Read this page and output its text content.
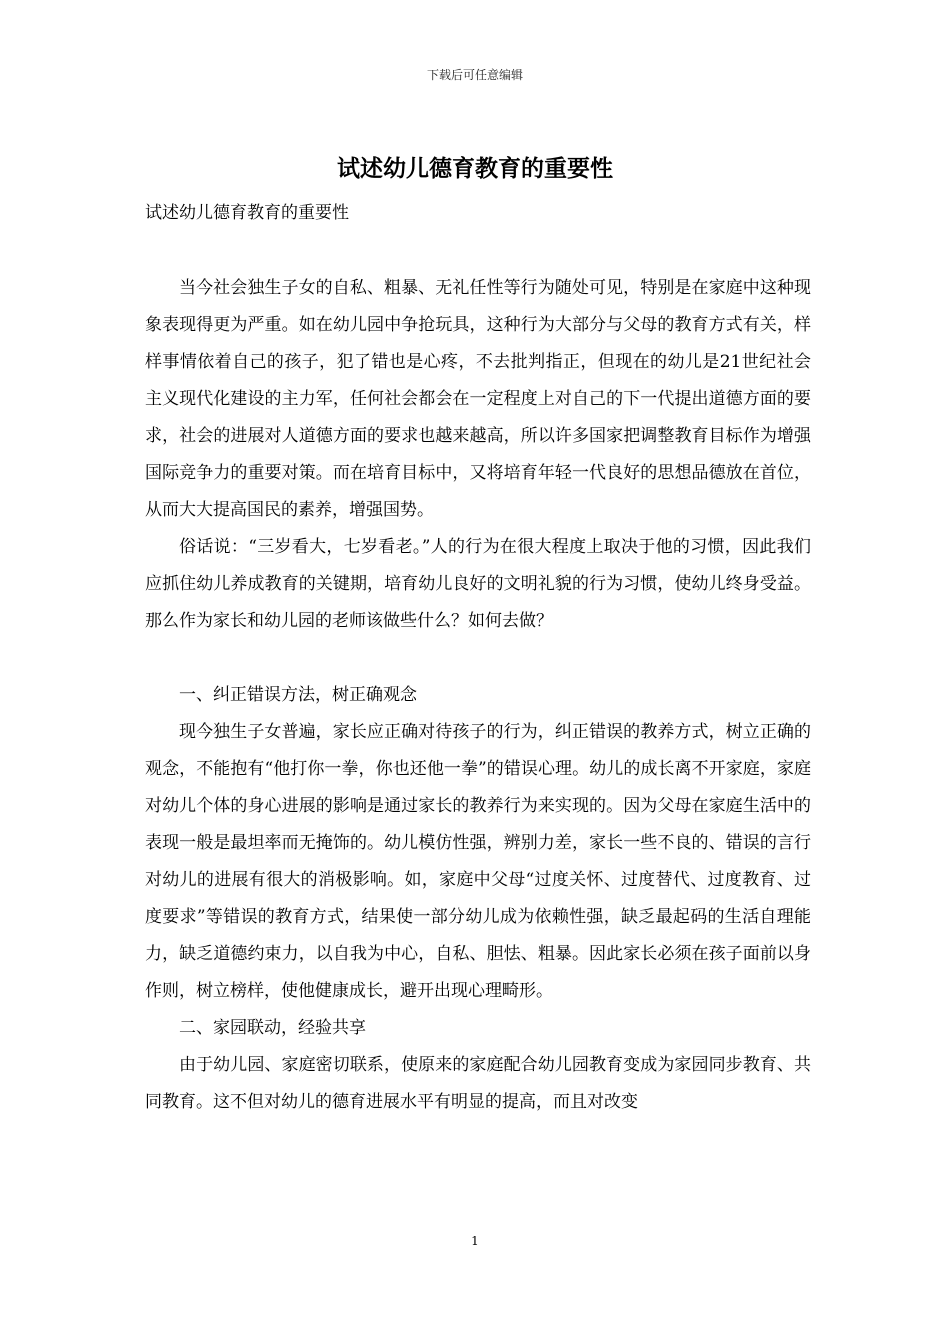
下载后可任意编辑
试述幼儿德育教育的重要性

试述幼儿德育教育的重要性

当今社会独生子女的自私、粗暴、无礼任性等行为随处可见，特别是在家庭中这种现象表现得更为严重。如在幼儿园中争抢玩具，这种行为大部分与父母的教育方式有关，样样事情依着自己的孩子，犯了错也是心疼，不去批判指正，但现在的幼儿是21世纪社会主义现代化建设的主力军，任何社会都会在一定程度上对自己的下一代提出道德方面的要求，社会的进展对人道德方面的要求也越来越高，所以许多国家把调整教育目标作为增强国际竞争力的重要对策。而在培育目标中，又将培育年轻一代良好的思想品德放在首位，从而大大提高国民的素养，增强国势。

俗话说：“三岁看大，七岁看老。”人的行为在很大程度上取决于他的习惯，因此我们应抓住幼儿养成教育的关键期，培育幼儿良好的文明礼貌的行为习惯，使幼儿终身受益。那么作为家长和幼儿园的老师该做些什么？如何去做？

一、纠正错误方法，树正确观念

现今独生子女普遍，家长应正确对待孩子的行为，纠正错误的教养方式，树立正确的观念，不能抱有“他打你一拳，你也还他一拳”的错误心理。幼儿的成长离不开家庭，家庭对幼儿个体的身心进展的影响是通过家长的教养行为来实现的。因为父母在家庭生活中的表现一般是最坦率而无掩饰的。幼儿模仿性强，辨别力差，家长一些不良的、错误的言行对幼儿的进展有很大的消极影响。如，家庭中父母“过度关怀、过度替代、过度教育、过度要求”等错误的教育方式，结果使一部分幼儿成为依赖性强，缺乏最起码的生活自理能力，缺乏道德约束力，以自我为中心，自私、胆怯、粗暴。因此家长必须在孩子面前以身作则，树立榜样，使他健康成长，避开出现心理畸形。

二、家园联动，经验共享

由于幼儿园、家庭密切联系，使原来的家庭配合幼儿园教育变成为家园同步教育、共同教育。这不但对幼儿的德育进展水平有明显的提高，而且对改变

1
